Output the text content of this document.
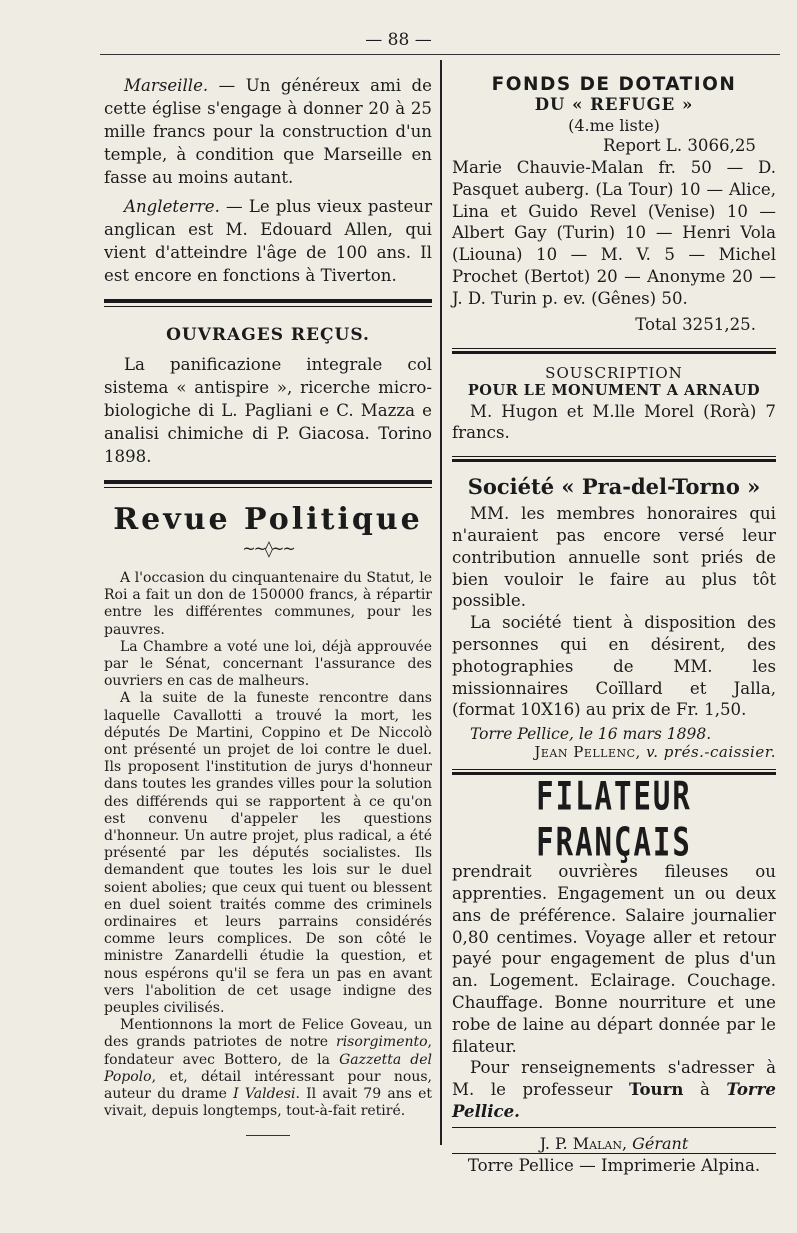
— 88 —

Marseille. — Un généreux ami de cette église s'engage à donner 20 à 25 mille francs pour la construction d'un temple, à condition que Marseille en fasse au moins autant.

Angleterre. — Le plus vieux pasteur anglican est M. Edouard Allen, qui vient d'atteindre l'âge de 100 ans. Il est encore en fonctions à Tiverton.

OUVRAGES REÇUS.

La panificazione integrale col sistema « antispire », ricerche micro-biologiche di L. Pagliani e C. Mazza e analisi chimiche di P. Giacosa. Torino 1898.

Revue Politique
~~◊~~

A l'occasion du cinquantenaire du Statut, le Roi a fait un don de 150000 francs, à répartir entre les différentes communes, pour les pauvres.

La Chambre a voté une loi, déjà approuvée par le Sénat, concernant l'assurance des ouvriers en cas de malheurs.

A la suite de la funeste rencontre dans laquelle Cavallotti a trouvé la mort, les députés De Martini, Coppino et De Niccolò ont présenté un projet de loi contre le duel. Ils proposent l'institution de jurys d'honneur dans toutes les grandes villes pour la solution des différends qui se rapportent à ce qu'on est convenu d'appeler les questions d'honneur. Un autre projet, plus radical, a été présenté par les députés socialistes. Ils demandent que toutes les lois sur le duel soient abolies; que ceux qui tuent ou blessent en duel soient traités comme des criminels ordinaires et leurs parrains considérés comme leurs complices. De son côté le ministre Zanardelli étudie la question, et nous espérons qu'il se fera un pas en avant vers l'abolition de cet usage indigne des peuples civilisés.

Mentionnons la mort de Felice Goveau, un des grands patriotes de notre risorgimento, fondateur avec Bottero, de la Gazzetta del Popolo, et, détail intéressant pour nous, auteur du drame I Valdesi. Il avait 79 ans et vivait, depuis longtemps, tout-à-fait retiré.

FONDS DE DOTATION
DU « REFUGE »
(4.me liste)
Report L. 3066,25

Marie Chauvie-Malan fr. 50 — D. Pasquet auberg. (La Tour) 10 — Alice, Lina et Guido Revel (Venise) 10 — Albert Gay (Turin) 10 — Henri Vola (Liouna) 10 — M. V. 5 — Michel Prochet (Bertot) 20 — Anonyme 20 — J. D. Turin p. ev. (Gênes) 50.

Total 3251,25.
SOUSCRIPTION
POUR LE MONUMENT A ARNAUD

M. Hugon et M.lle Morel (Rorà) 7 francs.

Société « Pra-del-Torno »

MM. les membres honoraires qui n'auraient pas encore versé leur contribution annuelle sont priés de bien vouloir le faire au plus tôt possible.

La société tient à disposition des personnes qui en désirent, des photographies de MM. les missionnaires Coïllard et Jalla, (format 10X16) au prix de Fr. 1,50.

Torre Pellice, le 16 mars 1898.
Jean Pellenc, v. prés.-caissier.
FILATEUR FRANÇAIS

prendrait ouvrières fileuses ou apprenties. Engagement un ou deux ans de préférence. Salaire journalier 0,80 centimes. Voyage aller et retour payé pour engagement de plus d'un an. Logement. Eclairage. Couchage. Chauffage. Bonne nourriture et une robe de laine au départ donnée par le filateur.

Pour renseignements s'adresser à M. le professeur Tourn à Torre Pellice.

J. P. Malan, Gérant
Torre Pellice — Imprimerie Alpina.
